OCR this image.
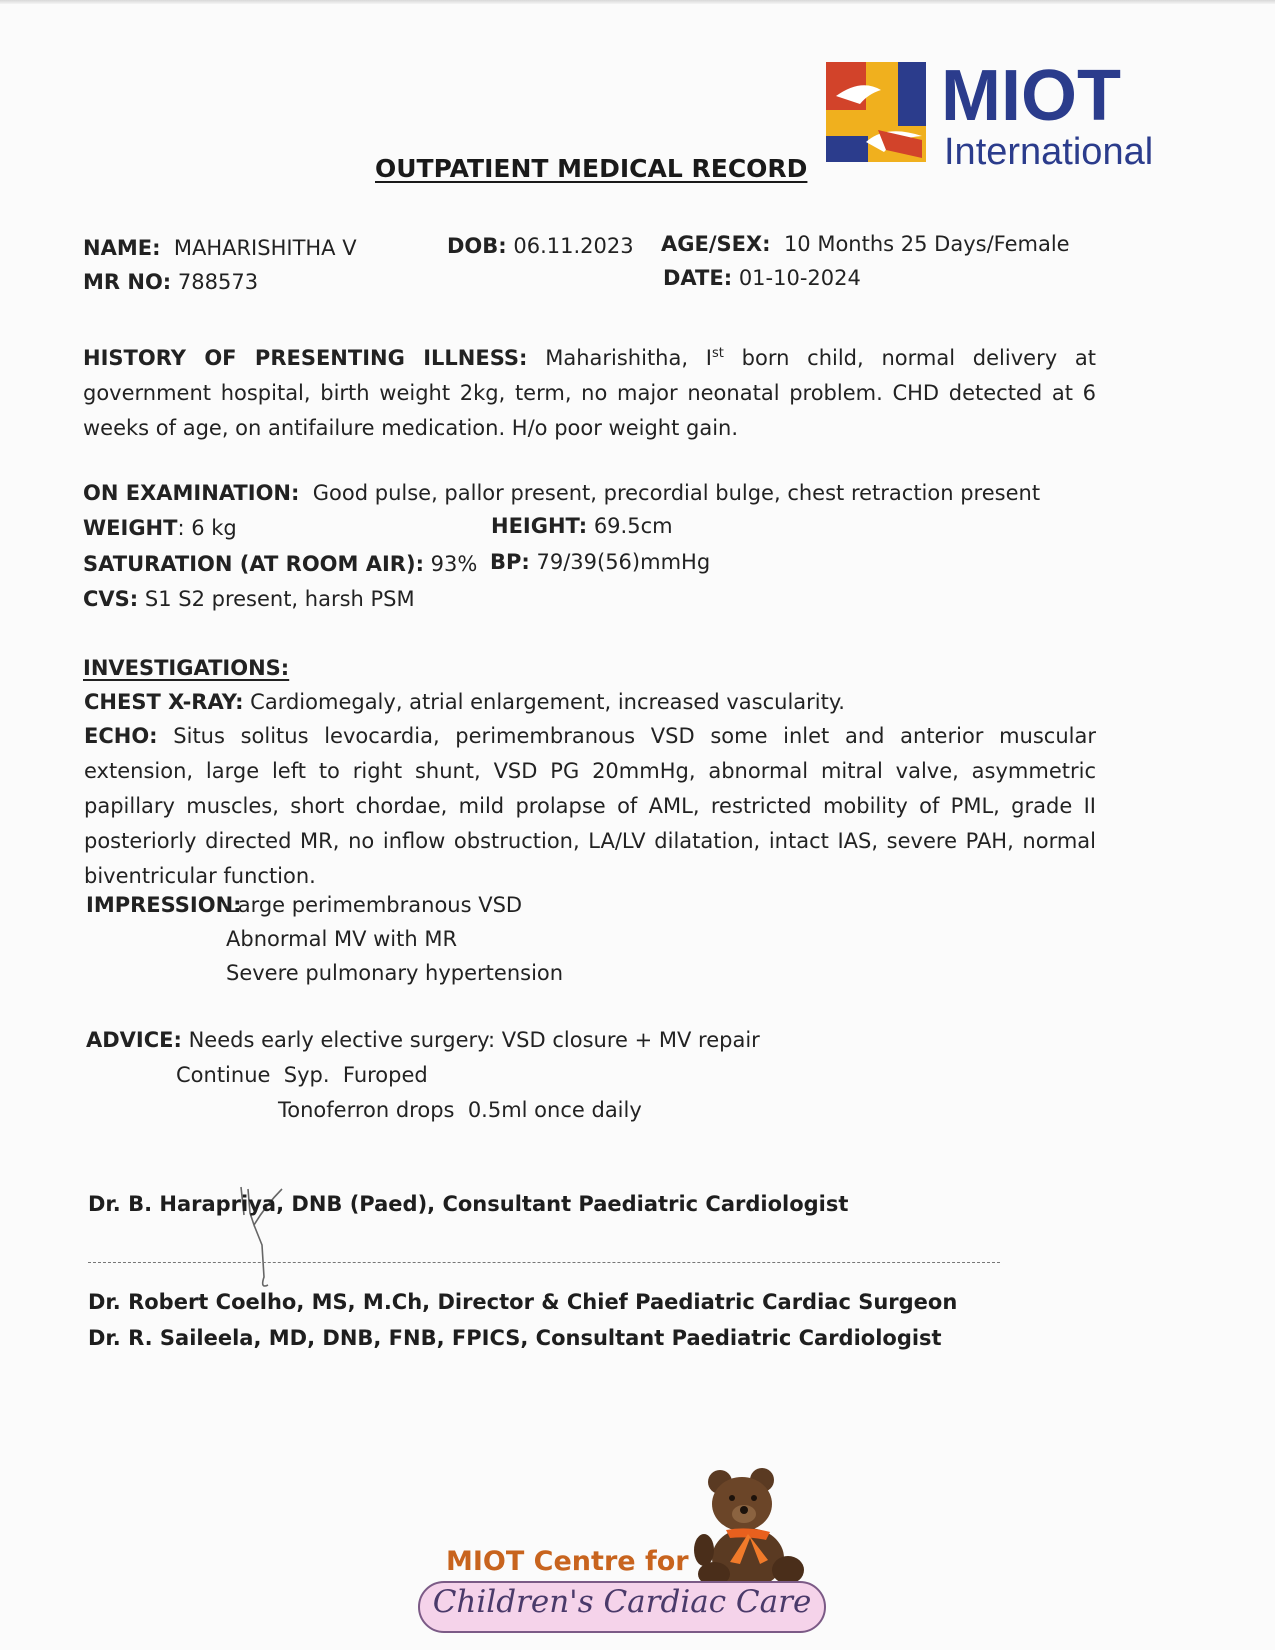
MIOT
International
OUTPATIENT MEDICAL RECORD
NAME: MAHARISHITHA V	DOB: 06.11.2023 AGE/SEX: 10 Months 25 Days/Female
MR NO: 788573	DATE: 01-10-2024
HISTORY OF PRESENTING ILLNESS: Maharishitha, Ist born child, normal delivery at government hospital, birth weight 2kg, term, no major neonatal problem. CHD detected at 6 weeks of age, on antifailure medication. H/o poor weight gain.
ON EXAMINATION: Good pulse, pallor present, precordial bulge, chest retraction present
WEIGHT: 6 kg	HEIGHT: 69.5cm
SATURATION (AT ROOM AIR): 93% BP: 79/39(56)mmHg
CVS: S1 S2 present, harsh PSM
INVESTIGATIONS:
CHEST X-RAY: Cardiomegaly, atrial enlargement, increased vascularity.
ECHO: Situs solitus levocardia, perimembranous VSD some inlet and anterior muscular extension, large left to right shunt, VSD PG 20mmHg, abnormal mitral valve, asymmetric papillary muscles, short chordae, mild prolapse of AML, restricted mobility of PML, grade II posteriorly directed MR, no inflow obstruction, LA/LV dilatation, intact IAS, severe PAH, normal biventricular function.
IMPRESSION:
Large perimembranous VSD
Abnormal MV with MR
Severe pulmonary hypertension
ADVICE: Needs early elective surgery: VSD closure + MV repair
Continue  Syp.  Furoped
Tonoferron drops  0.5ml once daily
Dr. B. Harapriya, DNB (Paed), Consultant Paediatric Cardiologist
Dr. Robert Coelho, MS, M.Ch, Director & Chief Paediatric Cardiac Surgeon
Dr. R. Saileela, MD, DNB, FNB, FPICS, Consultant Paediatric Cardiologist
MIOT Centre for
Children's Cardiac Care
